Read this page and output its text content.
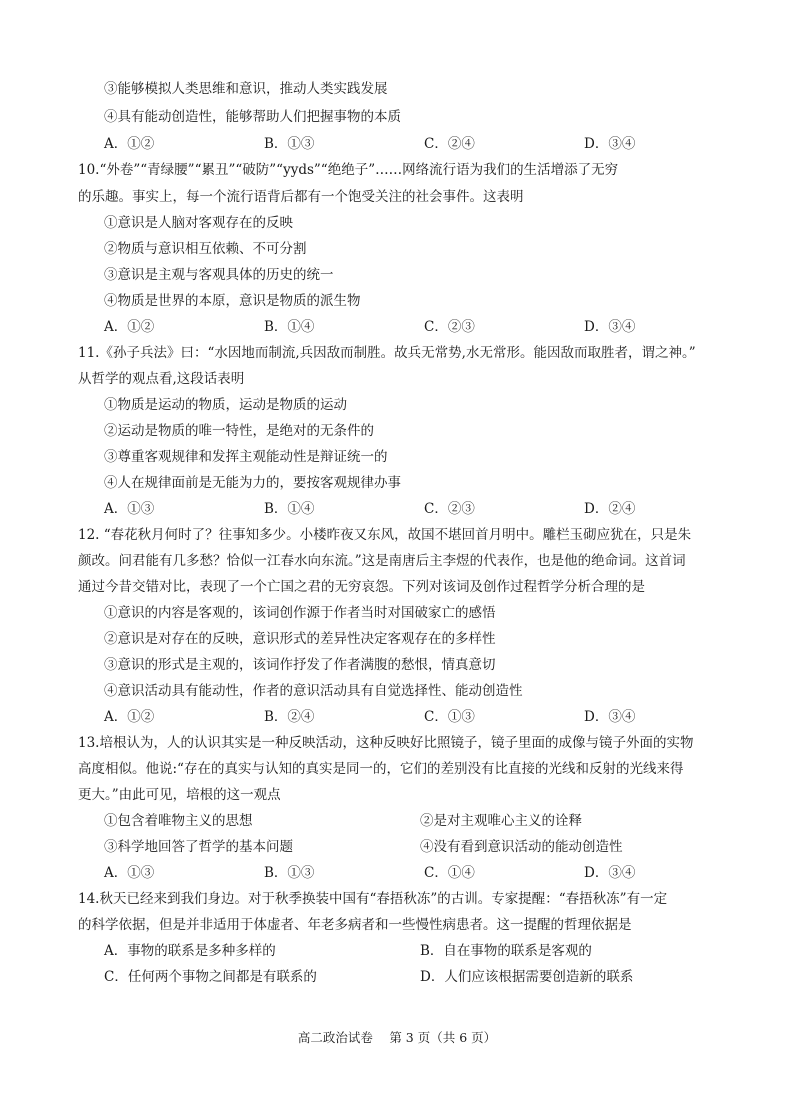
③能够模拟人类思维和意识，推动人类实践发展
④具有能动创造性，能够帮助人们把握事物的本质
A．①②	B．①③	C．②④	D．③④
10.“外卷”“青绿腰”“累丑”“破防”“yyds”“绝绝子”……网络流行语为我们的生活增添了无穷
的乐趣。事实上，每一个流行语背后都有一个饱受关注的社会事件。这表明
①意识是人脑对客观存在的反映
②物质与意识相互依赖、不可分割
③意识是主观与客观具体的历史的统一
④物质是世界的本原，意识是物质的派生物
A．①②	B．①④	C．②③	D．③④
11.《孙子兵法》曰：“水因地而制流,兵因敌而制胜。故兵无常势,水无常形。能因敌而取胜者，谓之神。”
从哲学的观点看,这段话表明
①物质是运动的物质，运动是物质的运动
②运动是物质的唯一特性，是绝对的无条件的
③尊重客观规律和发挥主观能动性是辩证统一的
④人在规律面前是无能为力的，要按客观规律办事
A．①③	B．①④	C．②③	D．②④
12. “春花秋月何时了？往事知多少。小楼昨夜又东风，故国不堪回首月明中。雕栏玉砌应犹在，只是朱
颜改。问君能有几多愁？恰似一江春水向东流。”这是南唐后主李煜的代表作，也是他的绝命词。这首词
通过今昔交错对比，表现了一个亡国之君的无穷哀怨。下列对该词及创作过程哲学分析合理的是
①意识的内容是客观的，该词创作源于作者当时对国破家亡的感悟
②意识是对存在的反映，意识形式的差异性决定客观存在的多样性
③意识的形式是主观的，该词作抒发了作者满腹的愁恨，情真意切
④意识活动具有能动性，作者的意识活动具有自觉选择性、能动创造性
A．①②	B．②④	C．①③	D．③④
13.培根认为，人的认识其实是一种反映活动，这种反映好比照镜子，镜子里面的成像与镜子外面的实物
高度相似。他说:“存在的真实与认知的真实是同一的，它们的差别没有比直接的光线和反射的光线来得
更大。”由此可见，培根的这一观点
①包含着唯物主义的思想	②是对主观唯心主义的诠释
③科学地回答了哲学的基本问题	④没有看到意识活动的能动创造性
A．①③	B．①③	C．①④	D．③④
14.秋天已经来到我们身边。对于秋季换装中国有“春捂秋冻”的古训。专家提醒：“春捂秋冻”有一定
的科学依据，但是并非适用于体虚者、年老多病者和一些慢性病患者。这一提醒的哲理依据是
A．事物的联系是多种多样的	B．自在事物的联系是客观的
C．任何两个事物之间都是有联系的	D．人们应该根据需要创造新的联系
高二政治试卷　 第 3 页（共 6 页）
